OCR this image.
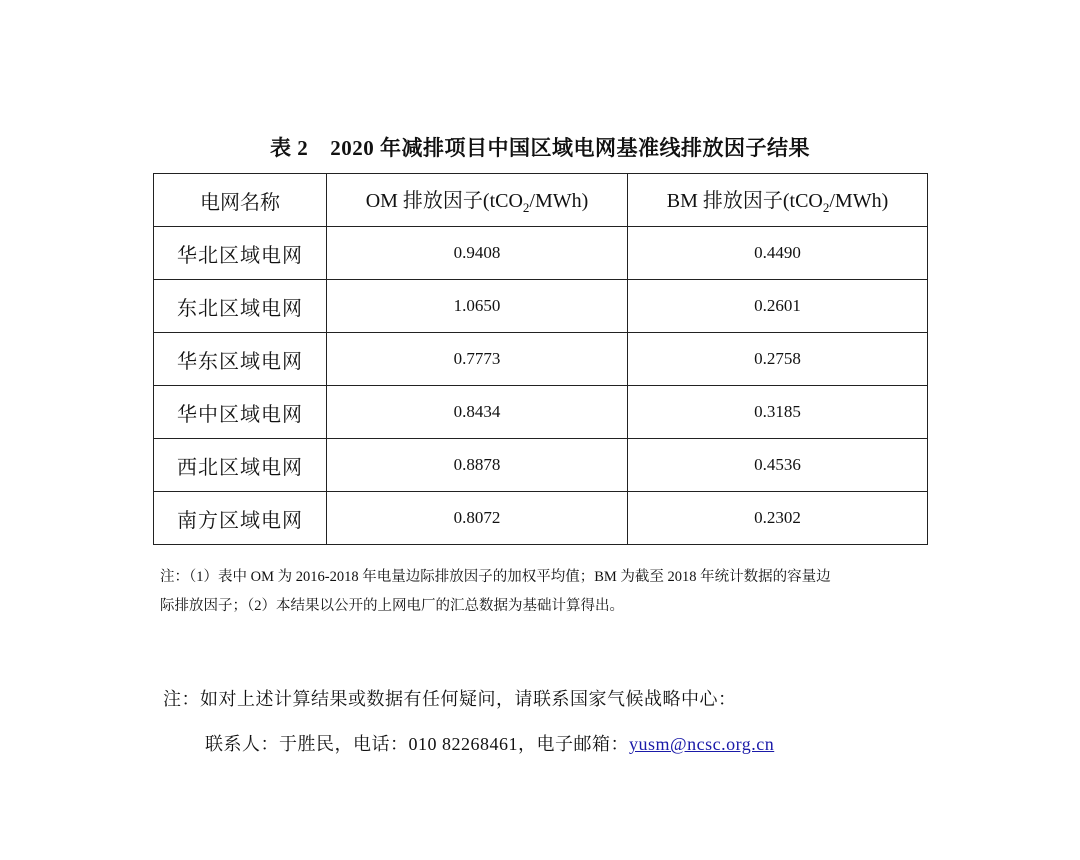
表 2 2020 年减排项目中国区域电网基准线排放因子结果
电网名称	OM 排放因子(tCO$_2$/MWh)	BM 排放因子(tCO$_2$/MWh)
华北区域电网	0.9408	0.4490
东北区域电网	1.0650	0.2601
华东区域电网	0.7773	0.2758
华中区域电网	0.8434	0.3185
西北区域电网	0.8878	0.4536
南方区域电网	0.8072	0.2302
注：（1）表中 OM 为 2016-2018 年电量边际排放因子的加权平均值；BM 为截至 2018 年统计数据的容量边
际排放因子；（2）本结果以公开的上网电厂的汇总数据为基础计算得出。
注：如对上述计算结果或数据有任何疑问，请联系国家气候战略中心：
联系人：于胜民，电话：010 82268461，电子邮箱：yusm@ncsc.org.cn
